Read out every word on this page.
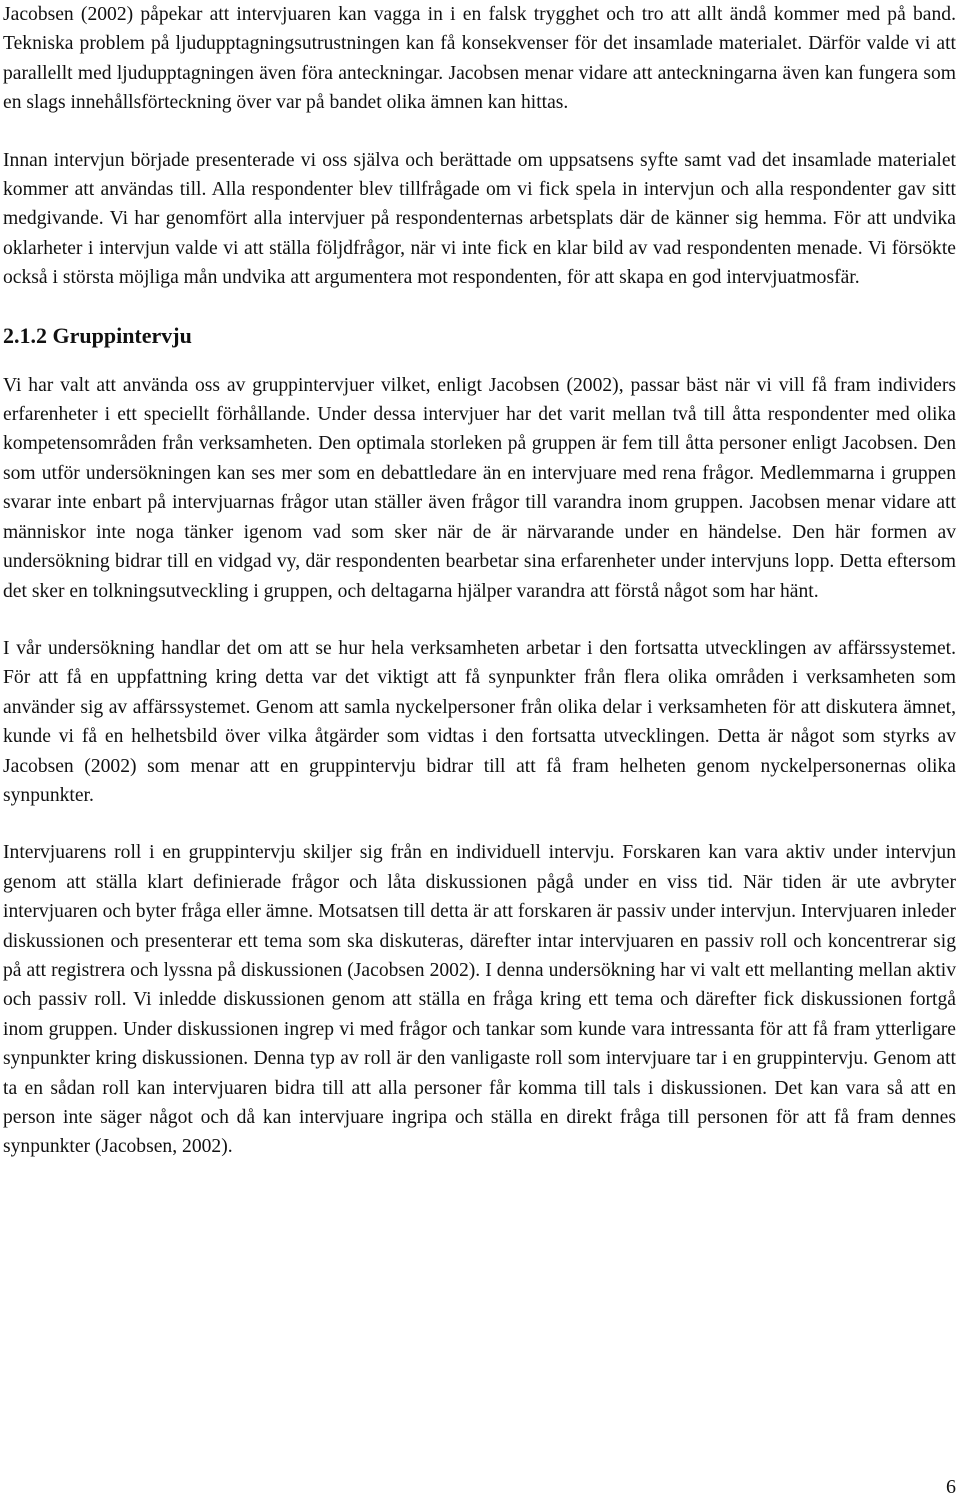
Jacobsen (2002) påpekar att intervjuaren kan vagga in i en falsk trygghet och tro att allt ändå kommer med på band. Tekniska problem på ljudupptagningsutrustningen kan få konsekvenser för det insamlade materialet. Därför valde vi att parallellt med ljudupptagningen även föra anteckningar. Jacobsen menar vidare att anteckningarna även kan fungera som en slags innehållsförteckning över var på bandet olika ämnen kan hittas.

Innan intervjun började presenterade vi oss själva och berättade om uppsatsens syfte samt vad det insamlade materialet kommer att användas till. Alla respondenter blev tillfrågade om vi fick spela in intervjun och alla respondenter gav sitt medgivande. Vi har genomfört alla intervjuer på respondenternas arbetsplats där de känner sig hemma. För att undvika oklarheter i intervjun valde vi att ställa följdfrågor, när vi inte fick en klar bild av vad respondenten menade. Vi försökte också i största möjliga mån undvika att argumentera mot respondenten, för att skapa en god intervjuatmosfär.

2.1.2 Gruppintervju

Vi har valt att använda oss av gruppintervjuer vilket, enligt Jacobsen (2002), passar bäst när vi vill få fram individers erfarenheter i ett speciellt förhållande. Under dessa intervjuer har det varit mellan två till åtta respondenter med olika kompetensområden från verksamheten. Den optimala storleken på gruppen är fem till åtta personer enligt Jacobsen. Den som utför undersökningen kan ses mer som en debattledare än en intervjuare med rena frågor. Medlemmarna i gruppen svarar inte enbart på intervjuarnas frågor utan ställer även frågor till varandra inom gruppen. Jacobsen menar vidare att människor inte noga tänker igenom vad som sker när de är närvarande under en händelse. Den här formen av undersökning bidrar till en vidgad vy, där respondenten bearbetar sina erfarenheter under intervjuns lopp. Detta eftersom det sker en tolkningsutveckling i gruppen, och deltagarna hjälper varandra att förstå något som har hänt.

I vår undersökning handlar det om att se hur hela verksamheten arbetar i den fortsatta utvecklingen av affärssystemet. För att få en uppfattning kring detta var det viktigt att få synpunkter från flera olika områden i verksamheten som använder sig av affärssystemet. Genom att samla nyckelpersoner från olika delar i verksamheten för att diskutera ämnet, kunde vi få en helhetsbild över vilka åtgärder som vidtas i den fortsatta utvecklingen. Detta är något som styrks av Jacobsen (2002) som menar att en gruppintervju bidrar till att få fram helheten genom nyckelpersonernas olika synpunkter.

Intervjuarens roll i en gruppintervju skiljer sig från en individuell intervju. Forskaren kan vara aktiv under intervjun genom att ställa klart definierade frågor och låta diskussionen pågå under en viss tid. När tiden är ute avbryter intervjuaren och byter fråga eller ämne. Motsatsen till detta är att forskaren är passiv under intervjun. Intervjuaren inleder diskussionen och presenterar ett tema som ska diskuteras, därefter intar intervjuaren en passiv roll och koncentrerar sig på att registrera och lyssna på diskussionen (Jacobsen 2002). I denna undersökning har vi valt ett mellanting mellan aktiv och passiv roll. Vi inledde diskussionen genom att ställa en fråga kring ett tema och därefter fick diskussionen fortgå inom gruppen. Under diskussionen ingrep vi med frågor och tankar som kunde vara intressanta för att få fram ytterligare synpunkter kring diskussionen. Denna typ av roll är den vanligaste roll som intervjuare tar i en gruppintervju. Genom att ta en sådan roll kan intervjuaren bidra till att alla personer får komma till tals i diskussionen. Det kan vara så att en person inte säger något och då kan intervjuare ingripa och ställa en direkt fråga till personen för att få fram dennes synpunkter (Jacobsen, 2002).

6
